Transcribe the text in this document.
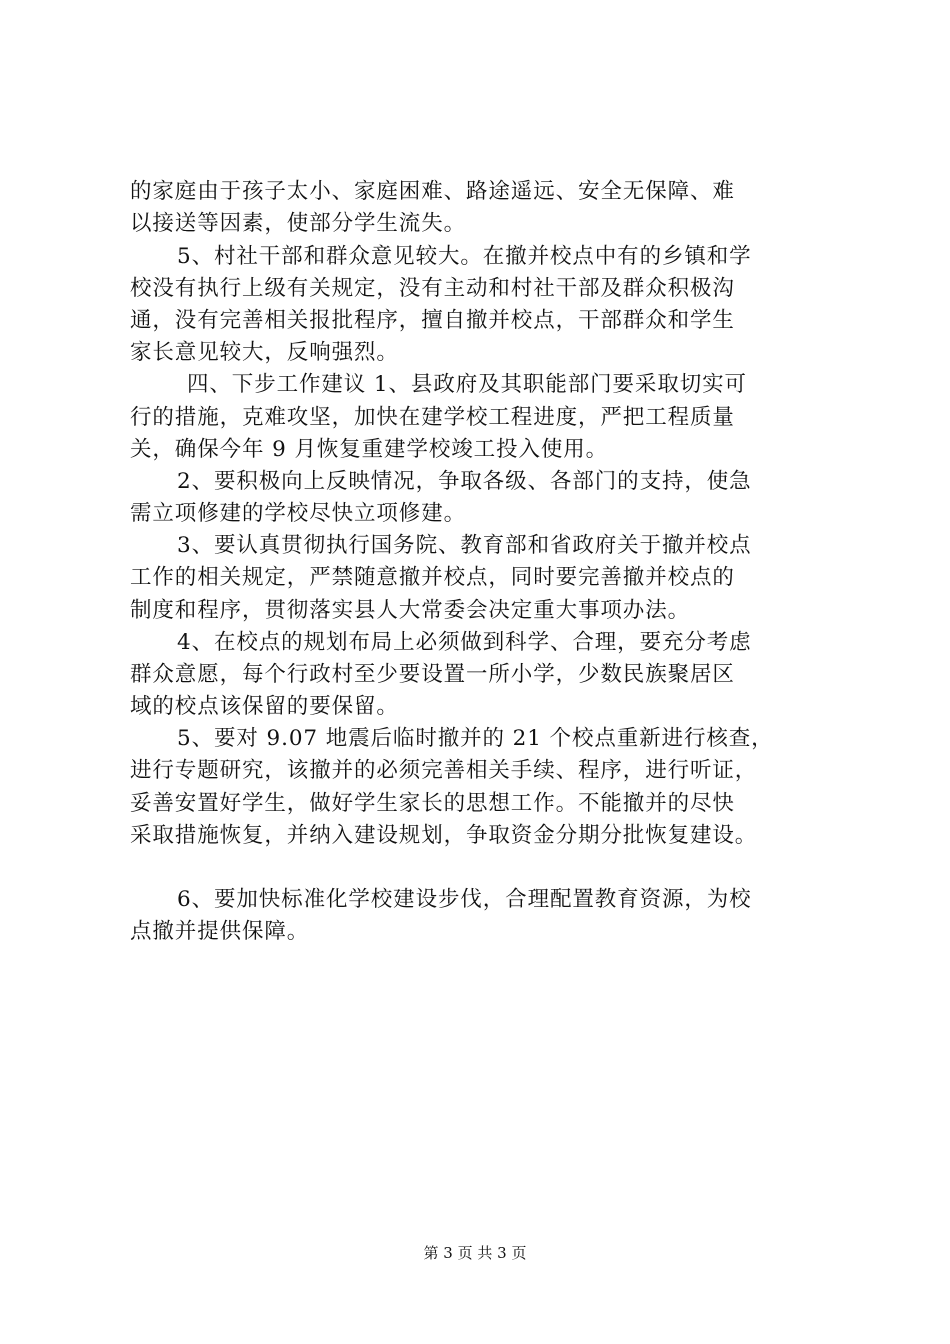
的家庭由于孩子太小、家庭困难、路途遥远、安全无保障、难
以接送等因素，使部分学生流失。
5、村社干部和群众意见较大。在撤并校点中有的乡镇和学
校没有执行上级有关规定，没有主动和村社干部及群众积极沟
通，没有完善相关报批程序，擅自撤并校点，干部群众和学生
家长意见较大，反响强烈。
四、下步工作建议 1、县政府及其职能部门要采取切实可
行的措施，克难攻坚，加快在建学校工程进度，严把工程质量
关，确保今年 9 月恢复重建学校竣工投入使用。
2、要积极向上反映情况，争取各级、各部门的支持，使急
需立项修建的学校尽快立项修建。
3、要认真贯彻执行国务院、教育部和省政府关于撤并校点
工作的相关规定，严禁随意撤并校点，同时要完善撤并校点的
制度和程序，贯彻落实县人大常委会决定重大事项办法。
4、在校点的规划布局上必须做到科学、合理，要充分考虑
群众意愿，每个行政村至少要设置一所小学，少数民族聚居区
域的校点该保留的要保留。
5、要对 9.07 地震后临时撤并的 21 个校点重新进行核查，
进行专题研究，该撤并的必须完善相关手续、程序，进行听证，
妥善安置好学生，做好学生家长的思想工作。不能撤并的尽快
采取措施恢复，并纳入建设规划，争取资金分期分批恢复建设。
6、要加快标准化学校建设步伐，合理配置教育资源，为校
点撤并提供保障。
第 3 页 共 3 页
